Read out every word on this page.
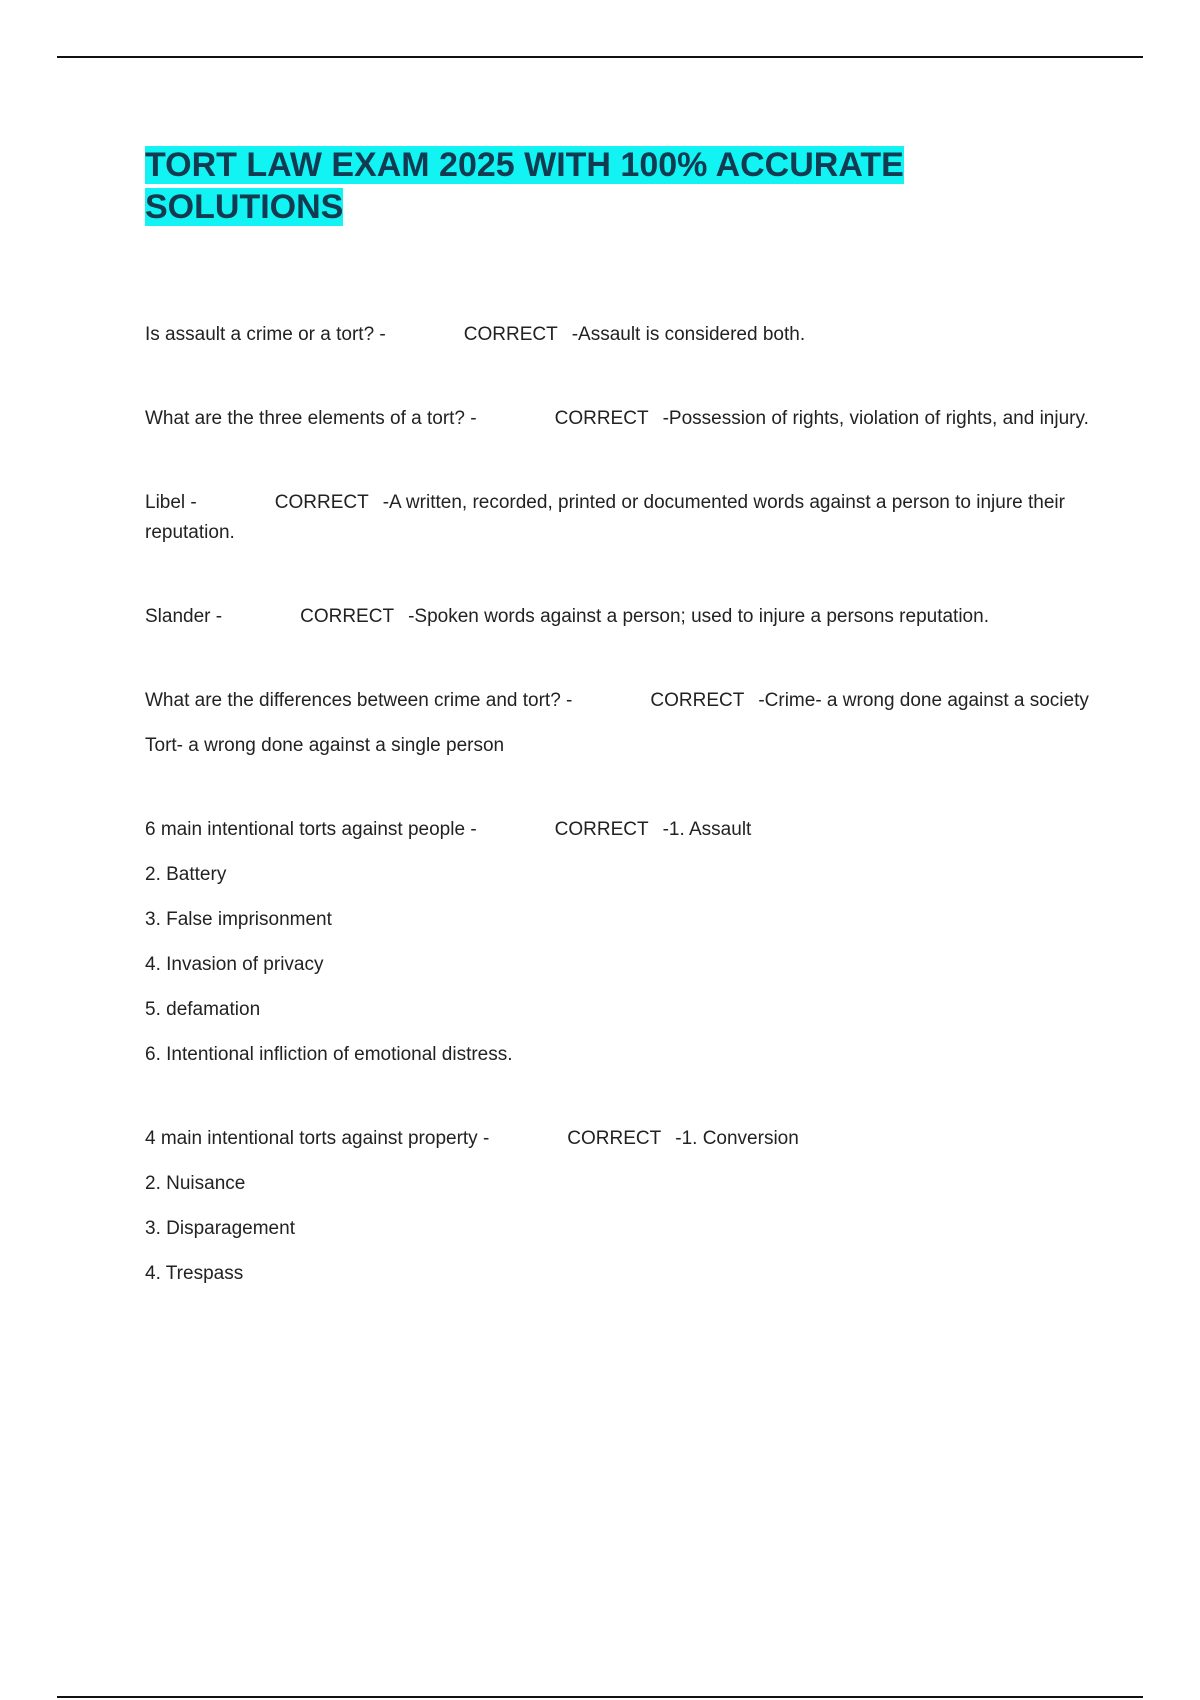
TORT LAW EXAM 2025 WITH 100% ACCURATE SOLUTIONS

Is assault a crime or a tort? -	CORRECT -Assault is considered both.

What are the three elements of a tort? -	CORRECT -Possession of rights, violation of rights, and injury.

Libel -	CORRECT -A written, recorded, printed or documented words against a person to injure their reputation.

Slander -	CORRECT -Spoken words against a person; used to injure a persons reputation.

What are the differences between crime and tort? -	CORRECT -Crime- a wrong done against a society

Tort- a wrong done against a single person

6 main intentional torts against people -	CORRECT -1. Assault

2. Battery

3. False imprisonment

4. Invasion of privacy

5. defamation

6. Intentional infliction of emotional distress.

4 main intentional torts against property -	CORRECT -1. Conversion

2. Nuisance

3. Disparagement

4. Trespass
